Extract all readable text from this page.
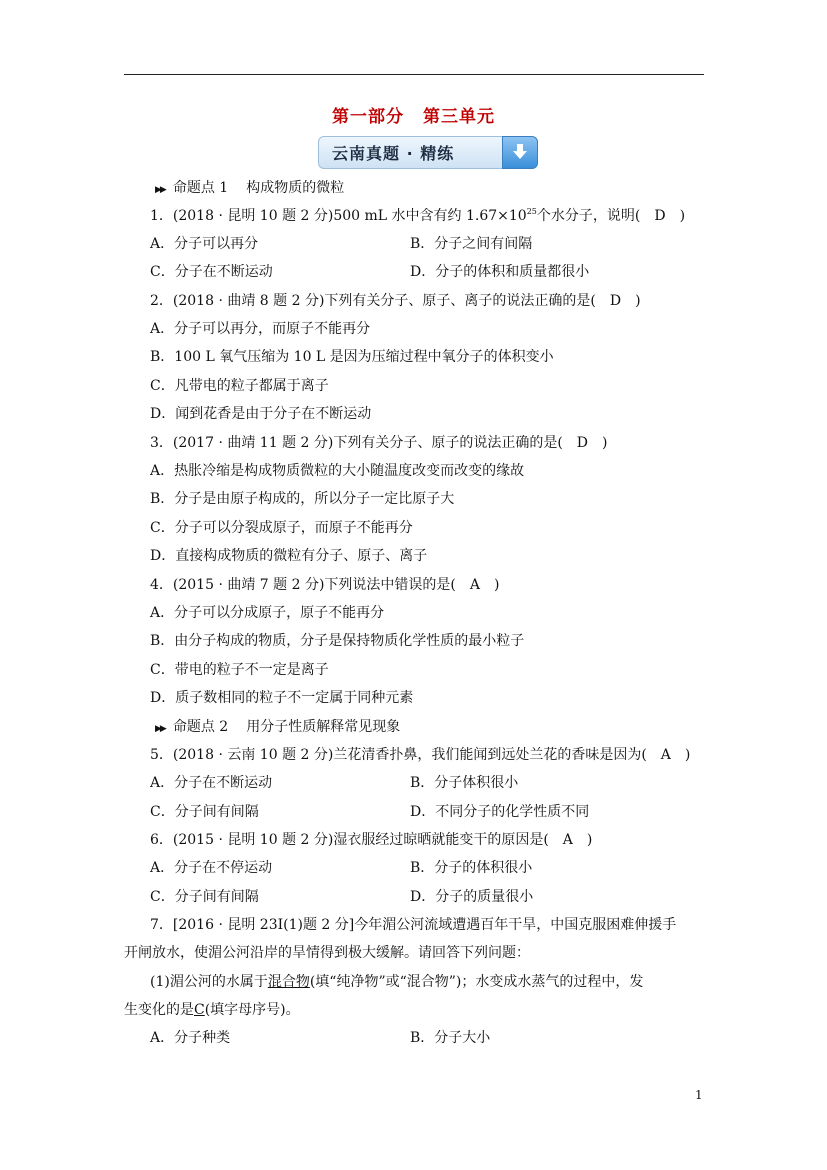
第一部分 第三单元
云南真题 · 精练
▶▶ 命题点 1 构成物质的微粒
1．(2018 · 昆明 10 题 2 分)500 mL 水中含有约 $1.67\times 10^{25}$个水分子，说明(　D　)
A．分子可以再分	B．分子之间有间隔
C．分子在不断运动	D．分子的体积和质量都很小
2．(2018 · 曲靖 8 题 2 分)下列有关分子、原子、离子的说法正确的是(　D　)
A．分子可以再分，而原子不能再分
B．100 L 氧气压缩为 10 L 是因为压缩过程中氧分子的体积变小
C．凡带电的粒子都属于离子
D．闻到花香是由于分子在不断运动
3．(2017 · 曲靖 11 题 2 分)下列有关分子、原子的说法正确的是(　D　)
A．热胀冷缩是构成物质微粒的大小随温度改变而改变的缘故
B．分子是由原子构成的，所以分子一定比原子大
C．分子可以分裂成原子，而原子不能再分
D．直接构成物质的微粒有分子、原子、离子
4．(2015 · 曲靖 7 题 2 分)下列说法中错误的是(　A　)
A．分子可以分成原子，原子不能再分
B．由分子构成的物质，分子是保持物质化学性质的最小粒子
C．带电的粒子不一定是离子
D．质子数相同的粒子不一定属于同种元素
▶▶ 命题点 2 用分子性质解释常见现象
5．(2018 · 云南 10 题 2 分)兰花清香扑鼻，我们能闻到远处兰花的香味是因为(　A　)
A．分子在不断运动	B．分子体积很小
C．分子间有间隔	D．不同分子的化学性质不同
6．(2015 · 昆明 10 题 2 分)湿衣服经过晾晒就能变干的原因是(　A　)
A．分子在不停运动	B．分子的体积很小
C．分子间有间隔	D．分子的质量很小
7．[2016 · 昆明 23Ⅰ(1)题 2 分]今年湄公河流域遭遇百年干旱，中国克服困难伸援手
开闸放水，使湄公河沿岸的旱情得到极大缓解。请回答下列问题：
(1)湄公河的水属于混合物(填“纯净物”或“混合物”)；水变成水蒸气的过程中，发
生变化的是C(填字母序号)。
A．分子种类	B．分子大小
1
